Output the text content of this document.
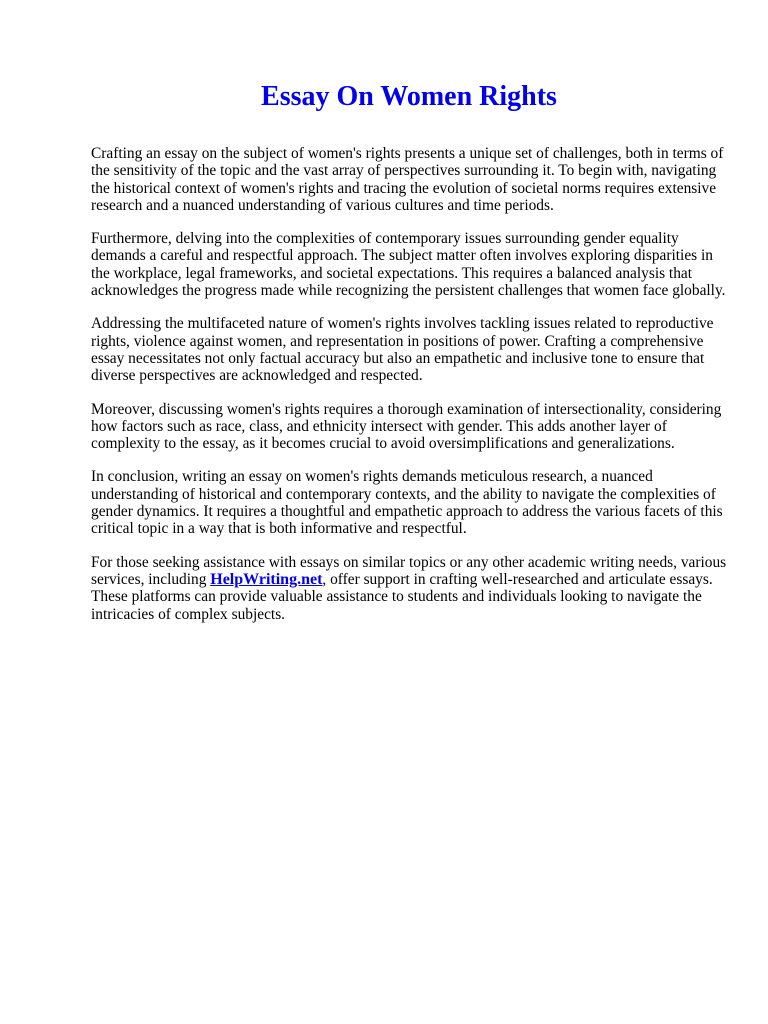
Essay On Women Rights

Crafting an essay on the subject of women's rights presents a unique set of challenges, both in terms of the sensitivity of the topic and the vast array of perspectives surrounding it. To begin with, navigating the historical context of women's rights and tracing the evolution of societal norms requires extensive research and a nuanced understanding of various cultures and time periods.

Furthermore, delving into the complexities of contemporary issues surrounding gender equality demands a careful and respectful approach. The subject matter often involves exploring disparities in the workplace, legal frameworks, and societal expectations. This requires a balanced analysis that acknowledges the progress made while recognizing the persistent challenges that women face globally.

Addressing the multifaceted nature of women's rights involves tackling issues related to reproductive rights, violence against women, and representation in positions of power. Crafting a comprehensive essay necessitates not only factual accuracy but also an empathetic and inclusive tone to ensure that diverse perspectives are acknowledged and respected.

Moreover, discussing women's rights requires a thorough examination of intersectionality, considering how factors such as race, class, and ethnicity intersect with gender. This adds another layer of complexity to the essay, as it becomes crucial to avoid oversimplifications and generalizations.

In conclusion, writing an essay on women's rights demands meticulous research, a nuanced understanding of historical and contemporary contexts, and the ability to navigate the complexities of gender dynamics. It requires a thoughtful and empathetic approach to address the various facets of this critical topic in a way that is both informative and respectful.

For those seeking assistance with essays on similar topics or any other academic writing needs, various services, including HelpWriting.net, offer support in crafting well-researched and articulate essays. These platforms can provide valuable assistance to students and individuals looking to navigate the intricacies of complex subjects.
